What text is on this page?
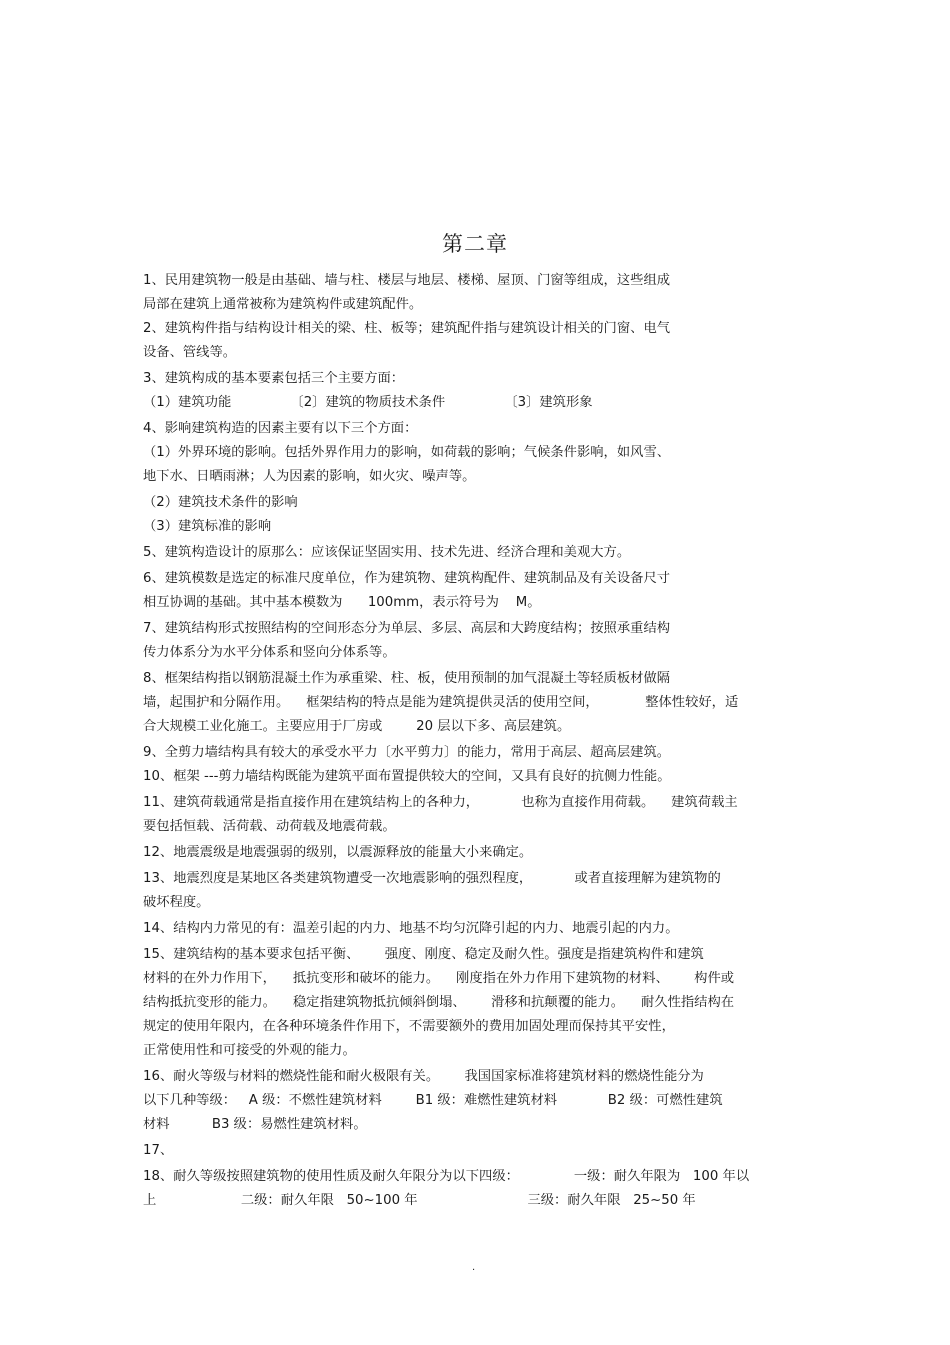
第二章
1、民用建筑物一般是由基础、墙与柱、楼层与地层、楼梯、屋顶、门窗等组成，这些组成
局部在建筑上通常被称为建筑构件或建筑配件。
2、建筑构件指与结构设计相关的梁、柱、板等；建筑配件指与建筑设计相关的门窗、电气
设备、管线等。
3、建筑构成的基本要素包括三个主要方面：
（1）建筑功能              〔2〕建筑的物质技术条件              〔3〕建筑形象
4、影响建筑构造的因素主要有以下三个方面：
（1）外界环境的影响。包括外界作用力的影响，如荷载的影响；气候条件影响，如风雪、
地下水、日晒雨淋；人为因素的影响，如火灾、噪声等。
（2）建筑技术条件的影响
（3）建筑标准的影响
5、建筑构造设计的原那么：应该保证坚固实用、技术先进、经济合理和美观大方。
6、建筑模数是选定的标准尺度单位，作为建筑物、建筑构配件、建筑制品及有关设备尺寸
相互协调的基础。其中基本模数为      100mm，表示符号为    M。
7、建筑结构形式按照结构的空间形态分为单层、多层、高层和大跨度结构；按照承重结构
传力体系分为水平分体系和竖向分体系等。
8、框架结构指以钢筋混凝土作为承重梁、柱、板，使用预制的加气混凝土等轻质板材做隔
墙，起围护和分隔作用。    框架结构的特点是能为建筑提供灵活的使用空间，           整体性较好，适
合大规模工业化施工。主要应用于厂房或        20 层以下多、高层建筑。
9、全剪力墙结构具有较大的承受水平力〔水平剪力〕的能力，常用于高层、超高层建筑。
10、框架 ---剪力墙结构既能为建筑平面布置提供较大的空间，又具有良好的抗侧力性能。
11、建筑荷载通常是指直接作用在建筑结构上的各种力，          也称为直接作用荷载。    建筑荷载主
要包括恒载、活荷载、动荷载及地震荷载。
12、地震震级是地震强弱的级别，以震源释放的能量大小来确定。
13、地震烈度是某地区各类建筑物遭受一次地震影响的强烈程度，          或者直接理解为建筑物的
破坏程度。
14、结构内力常见的有：温差引起的内力、地基不均匀沉降引起的内力、地震引起的内力。
15、建筑结构的基本要求包括平衡、      强度、刚度、稳定及耐久性。强度是指建筑构件和建筑
材料的在外力作用下，    抵抗变形和破坏的能力。    刚度指在外力作用下建筑物的材料、      构件或
结构抵抗变形的能力。    稳定指建筑物抵抗倾斜倒塌、      滑移和抗颠覆的能力。    耐久性指结构在
规定的使用年限内，在各种环境条件作用下，不需要额外的费用加固处理而保持其平安性，
正常使用性和可接受的外观的能力。
16、耐火等级与材料的燃烧性能和耐火极限有关。      我国国家标准将建筑材料的燃烧性能分为
以下几种等级：   A 级：不燃性建筑材料        B1 级：难燃性建筑材料            B2 级：可燃性建筑
材料          B3 级：易燃性建筑材料。
17、
18、耐久等级按照建筑物的使用性质及耐久年限分为以下四级：             一级：耐久年限为   100 年以
上                    二级：耐久年限   50~100 年                          三级：耐久年限   25~50 年
.
